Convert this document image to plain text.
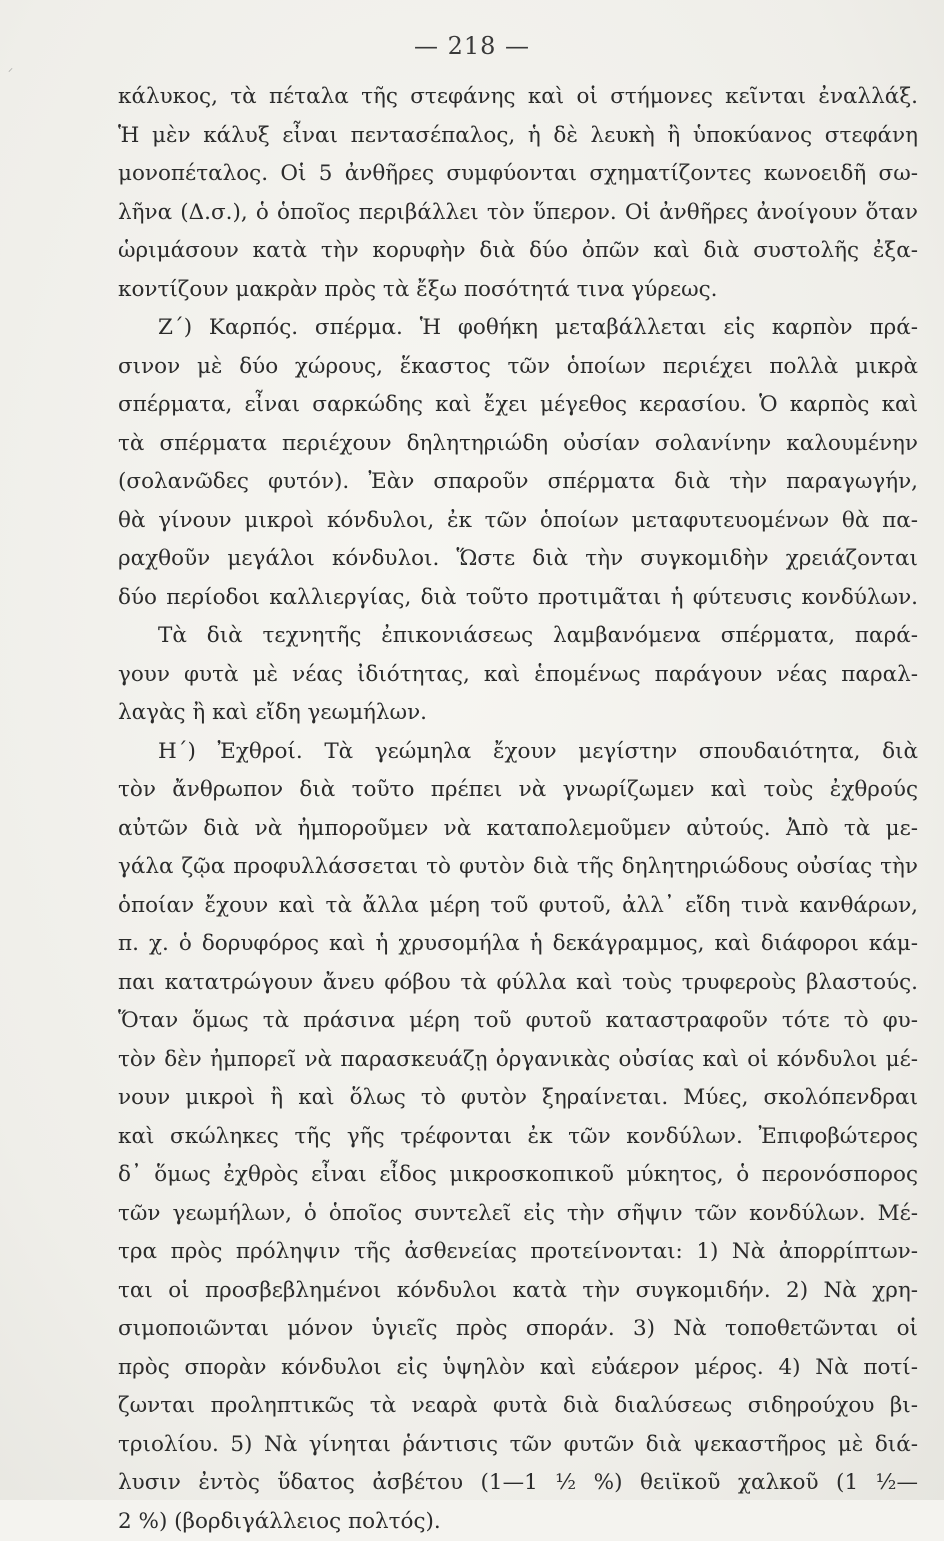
⸝
— 218 —
κάλυκος, τὰ πέταλα τῆς στεφάνης καὶ οἱ στήμονες κεῖνται ἐναλλάξ.
Ἡ μὲν κάλυξ εἶναι πεντασέπαλος, ἡ δὲ λευκὴ ἢ ὑποκύανος στεφάνη
μονοπέταλος. Οἱ 5 ἀνθῆρες συμφύονται σχηματίζοντες κωνοειδῆ σω-
λῆνα (Δ.σ.), ὁ ὁποῖος περιβάλλει τὸν ὕπερον. Οἱ ἀνθῆρες ἀνοίγουν ὅταν
ὡριμάσουν κατὰ τὴν κορυφὴν διὰ δύο ὀπῶν καὶ διὰ συστολῆς ἐξα-
κοντίζουν μακρὰν πρὸς τὰ ἔξω ποσότητά τινα γύρεως.
Ζ΄) Καρπός. σπέρμα. Ἡ φοθήκη μεταβάλλεται εἰς καρπὸν πρά-
σινον μὲ δύο χώρους, ἕκαστος τῶν ὁποίων περιέχει πολλὰ μικρὰ
σπέρματα, εἶναι σαρκώδης καὶ ἔχει μέγεθος κερασίου. Ὁ καρπὸς καὶ
τὰ σπέρματα περιέχουν δηλητηριώδη οὐσίαν σολανίνην καλουμένην
(σολανῶδες φυτόν). Ἐὰν σπαροῦν σπέρματα διὰ τὴν παραγωγήν,
θὰ γίνουν μικροὶ κόνδυλοι, ἐκ τῶν ὁποίων μεταφυτευομένων θὰ πα-
ραχθοῦν μεγάλοι κόνδυλοι. Ὥστε διὰ τὴν συγκομιδὴν χρειάζονται
δύο περίοδοι καλλιεργίας, διὰ τοῦτο προτιμᾶται ἡ φύτευσις κονδύλων.
Τὰ διὰ τεχνητῆς ἐπικονιάσεως λαμβανόμενα σπέρματα, παρά-
γουν φυτὰ μὲ νέας ἰδιότητας, καὶ ἑπομένως παράγουν νέας παραλ-
λαγὰς ἢ καὶ εἴδη γεωμήλων.
Η΄) Ἐχθροί. Τὰ γεώμηλα ἔχουν μεγίστην σπουδαιότητα, διὰ
τὸν ἄνθρωπον διὰ τοῦτο πρέπει νὰ γνωρίζωμεν καὶ τοὺς ἐχθρούς
αὐτῶν διὰ νὰ ἠμποροῦμεν νὰ καταπολεμοῦμεν αὐτούς. Ἀπὸ τὰ με-
γάλα ζῷα προφυλλάσσεται τὸ φυτὸν διὰ τῆς δηλητηριώδους οὐσίας τὴν
ὁποίαν ἔχουν καὶ τὰ ἄλλα μέρη τοῦ φυτοῦ, ἀλλ᾽ εἴδη τινὰ κανθάρων,
π. χ. ὁ δορυφόρος καὶ ἡ χρυσομήλα ἡ δεκάγραμμος, καὶ διάφοροι κάμ-
παι κατατρώγουν ἄνευ φόβου τὰ φύλλα καὶ τοὺς τρυφεροὺς βλαστούς.
Ὅταν ὅμως τὰ πράσινα μέρη τοῦ φυτοῦ καταστραφοῦν τότε τὸ φυ-
τὸν δὲν ἠμπορεῖ νὰ παρασκευάζῃ ὀργανικὰς οὐσίας καὶ οἱ κόνδυλοι μέ-
νουν μικροὶ ἢ καὶ ὅλως τὸ φυτὸν ξηραίνεται. Μύες, σκολόπενδραι
καὶ σκώληκες τῆς γῆς τρέφονται ἐκ τῶν κονδύλων. Ἐπιφοβώτερος
δ᾽ ὅμως ἐχθρὸς εἶναι εἶδος μικροσκοπικοῦ μύκητος, ὁ περονόσπορος
τῶν γεωμήλων, ὁ ὁποῖος συντελεῖ εἰς τὴν σῆψιν τῶν κονδύλων. Μέ-
τρα πρὸς πρόληψιν τῆς ἀσθενείας προτείνονται: 1) Νὰ ἀπορρίπτων-
ται οἱ προσβεβλημένοι κόνδυλοι κατὰ τὴν συγκομιδήν. 2) Νὰ χρη-
σιμοποιῶνται μόνον ὑγιεῖς πρὸς σποράν. 3) Νὰ τοποθετῶνται οἱ
πρὸς σπορὰν κόνδυλοι εἰς ὑψηλὸν καὶ εὐάερον μέρος. 4) Νὰ ποτί-
ζωνται προληπτικῶς τὰ νεαρὰ φυτὰ διὰ διαλύσεως σιδηρούχου βι-
τριολίου. 5) Νὰ γίνηται ῥάντισις τῶν φυτῶν διὰ ψεκαστῆρος μὲ διά-
λυσιν ἐντὸς ὕδατος ἀσβέτου (1—1 ½ %) θειϊκοῦ χαλκοῦ (1 ½—
2 %) (βορδιγάλλειος πολτός).
